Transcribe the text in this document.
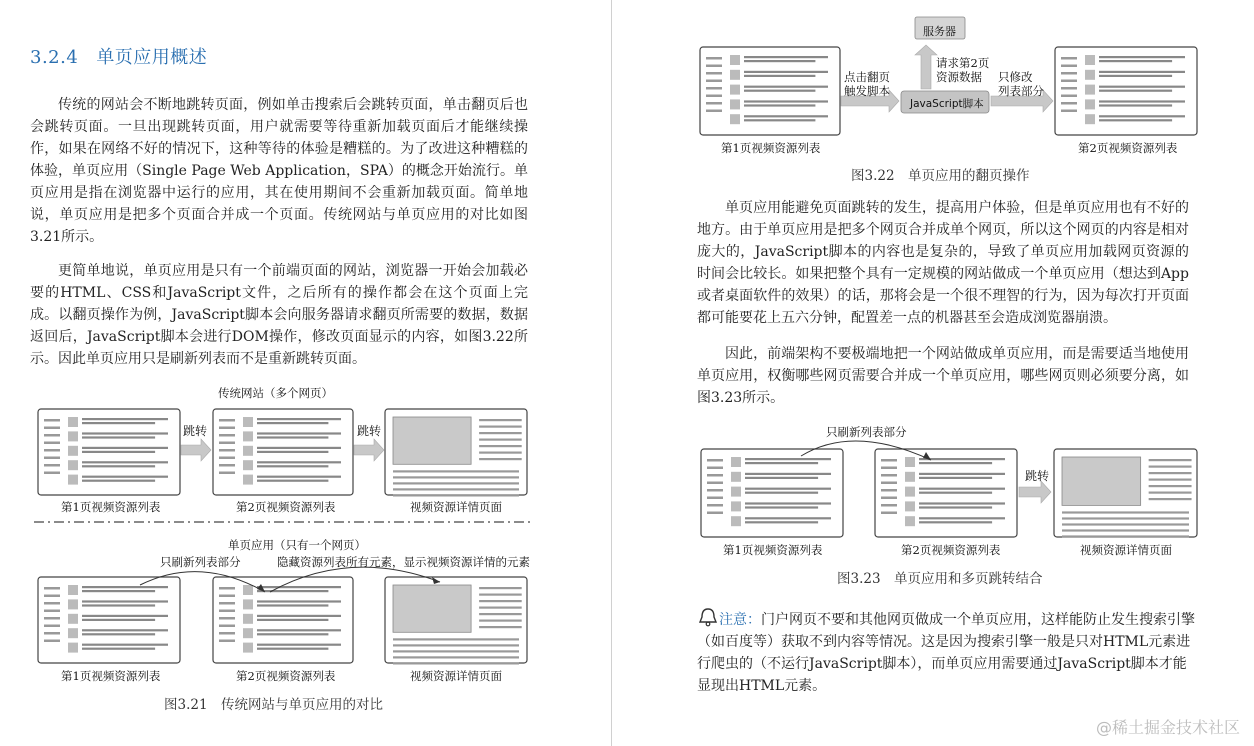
3.2.4 单页应用概述

传统的网站会不断地跳转页面，例如单击搜索后会跳转页面，单击翻页后也会跳转页面。一旦出现跳转页面，用户就需要等待重新加载页面后才能继续操作，如果在网络不好的情况下，这种等待的体验是糟糕的。为了改进这种糟糕的体验，单页应用（Single Page Web Application，SPA）的概念开始流行。单页应用是指在浏览器中运行的应用，其在使用期间不会重新加载页面。简单地说，单页应用是把多个页面合并成一个页面。传统网站与单页应用的对比如图3.21所示。

更简单地说，单页应用是只有一个前端页面的网站，浏览器一开始会加载必要的HTML、CSS和JavaScript文件，之后所有的操作都会在这个页面上完成。以翻页操作为例，JavaScript脚本会向服务器请求翻页所需要的数据，数据返回后，JavaScript脚本会进行DOM操作，修改页面显示的内容，如图3.22所示。因此单页应用只是刷新列表而不是重新跳转页面。

传统网站（多个网页）
跳转	跳转
第1页视频资源列表	第2页视频资源列表	视频资源详情页面
单页应用（只有一个网页）
只刷新列表部分	隐藏资源列表所有元素，显示视频资源详情的元素
第1页视频资源列表	第2页视频资源列表	视频资源详情页面
图3.21　传统网站与单页应用的对比
服务器
请求第2页
资源数据
点击翻页
触发脚本
只修改
列表部分
JavaScript脚本
第1页视频资源列表	第2页视频资源列表
图3.22　单页应用的翻页操作

单页应用能避免页面跳转的发生，提高用户体验，但是单页应用也有不好的地方。由于单页应用是把多个网页合并成单个网页，所以这个网页的内容是相对庞大的，JavaScript脚本的内容也是复杂的，导致了单页应用加载网页资源的时间会比较长。如果把整个具有一定规模的网站做成一个单页应用（想达到App或者桌面软件的效果）的话，那将会是一个很不理智的行为，因为每次打开页面都可能要花上五六分钟，配置差一点的机器甚至会造成浏览器崩溃。

因此，前端架构不要极端地把一个网站做成单页应用，而是需要适当地使用单页应用，权衡哪些网页需要合并成一个单页应用，哪些网页则必须要分离，如图3.23所示。

只刷新列表部分
跳转
第1页视频资源列表	第2页视频资源列表	视频资源详情页面
图3.23　单页应用和多页跳转结合
注意：门户网页不要和其他网页做成一个单页应用，这样能防止发生搜索引擎（如百度等）获取不到内容等情况。这是因为搜索引擎一般是只对HTML元素进行爬虫的（不运行JavaScript脚本），而单页应用需要通过JavaScript脚本才能显现出HTML元素。
@稀土掘金技术社区
